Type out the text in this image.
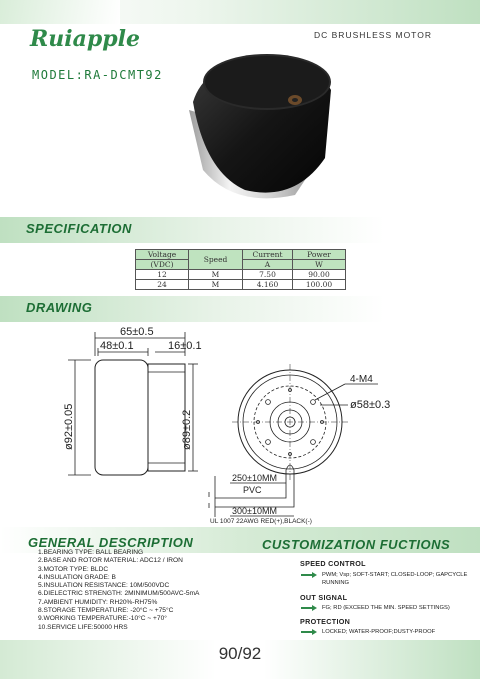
Ruiapple	DC BRUSHLESS MOTOR
MODEL:RA-DCMT92
SPECIFICATION
Voltage	Speed	Current	Power
(VDC)		A	W
12	M	7.50	90.00
24	M	4.160	100.00
DRAWING
65±0.5
48±0.1	16±0.1
ø92±0.05	ø89±0.2
4-M4
ø58±0.3
250±10MM
PVC
300±10MM
UL 1007 22AWG RED(+),BLACK(-)
GENERAL DESCRIPTION	CUSTOMIZATION FUCTIONS
1.BEARING TYPE: BALL BEARING
2.BASE AND ROTOR MATERIAL: ADC12 / IRON
3.MOTOR TYPE: BLDC
4.INSULATION GRADE: B
5.INSULATION RESISTANCE: 10M/500VDC
6.DIELECTRIC STRENGTH: 2MINIMUM/500AVC-5mA
7.AMBIENT HUMIDITY: RH20%-RH75%
8.STORAGE TEMPERATURE: -20°C ~ +75°C
9.WORKING TEMPERATURE:-10°C ~ +70°
10.SERVICE LIFE:50000 HRS
SPEED CONTROL
PWM; Vsp; SOFT-START; CLOSED-LOOP; GAPCYCLE RUNNING
OUT SIGNAL
FG; RD (EXCEED THE MIN. SPEED SETTINGS)
PROTECTION
LOCKED; WATER-PROOF;DUSTY-PROOF
90/92
